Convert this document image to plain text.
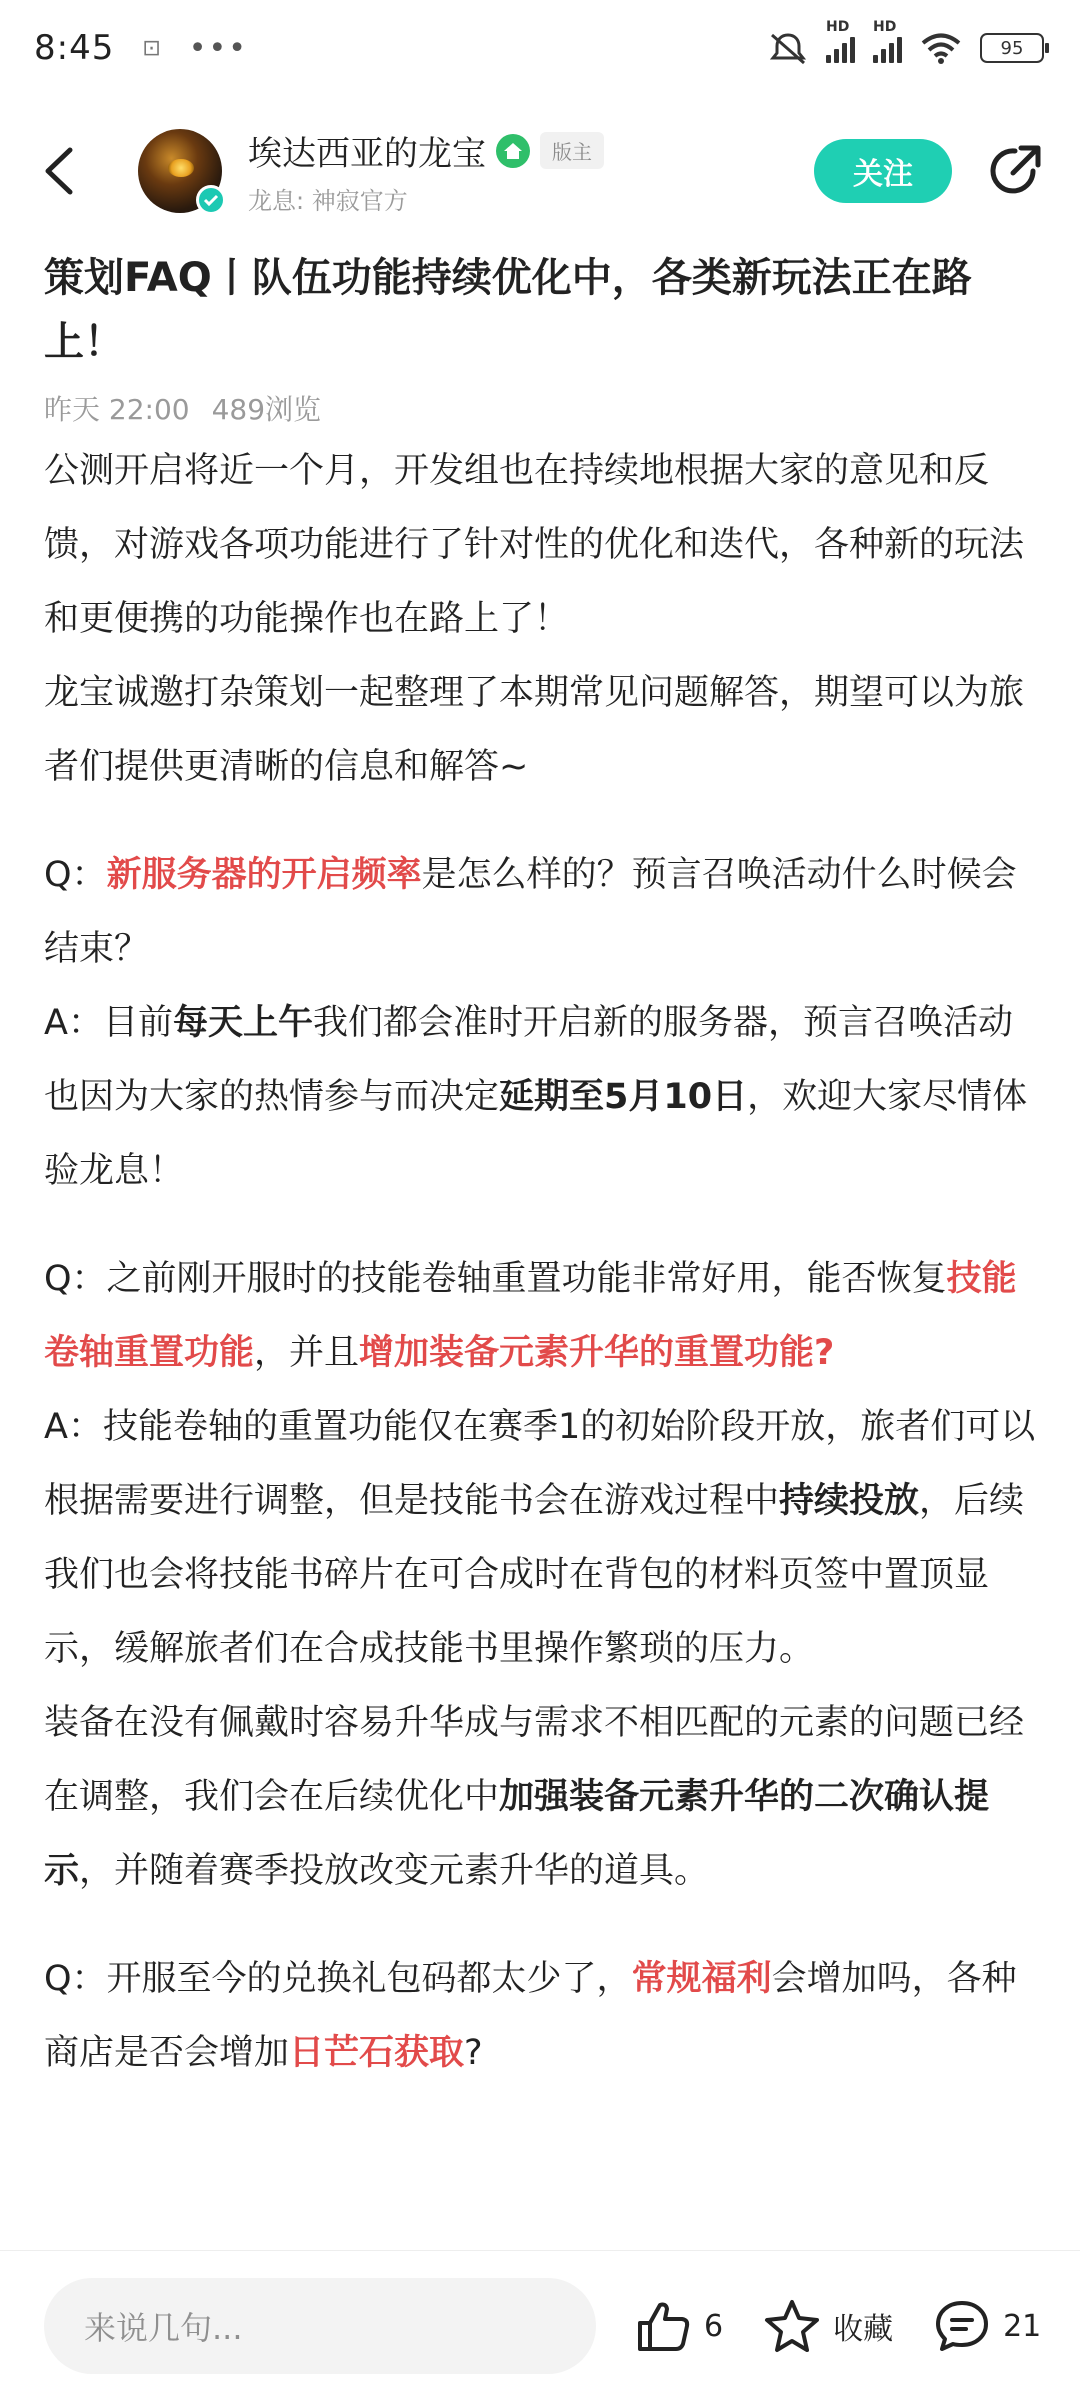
8:45 ⊡ •••
HD HD
95
埃达西亚的龙宝	版主
龙息: 神寂官方
关注
策划FAQ丨队伍功能持续优化中，各类新玩法正在路上！
昨天 22:00 489浏览

公测开启将近一个月，开发组也在持续地根据大家的意见和反馈，对游戏各项功能进行了针对性的优化和迭代，各种新的玩法和更便携的功能操作也在路上了！

龙宝诚邀打杂策划一起整理了本期常见问题解答，期望可以为旅者们提供更清晰的信息和解答~

Q：新服务器的开启频率是怎么样的？预言召唤活动什么时候会结束？

A：目前每天上午我们都会准时开启新的服务器，预言召唤活动也因为大家的热情参与而决定延期至5月10日，欢迎大家尽情体验龙息！

Q：之前刚开服时的技能卷轴重置功能非常好用，能否恢复技能卷轴重置功能，并且增加装备元素升华的重置功能?

A：技能卷轴的重置功能仅在赛季1的初始阶段开放，旅者们可以根据需要进行调整，但是技能书会在游戏过程中持续投放，后续我们也会将技能书碎片在可合成时在背包的材料页签中置顶显示，缓解旅者们在合成技能书里操作繁琐的压力。

装备在没有佩戴时容易升华成与需求不相匹配的元素的问题已经在调整，我们会在后续优化中加强装备元素升华的二次确认提示，并随着赛季投放改变元素升华的道具。

Q：开服至今的兑换礼包码都太少了，常规福利会增加吗，各种商店是否会增加日芒石获取?

来说几句...	6	收藏	21
